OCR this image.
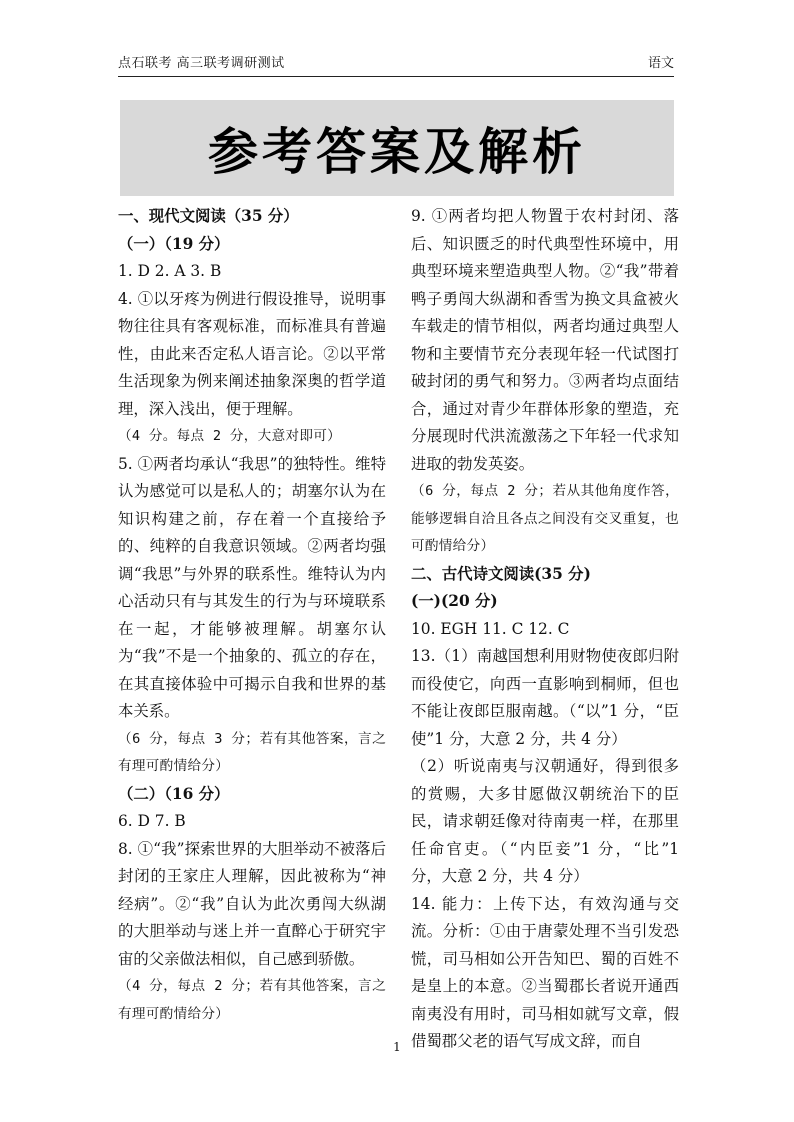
点石联考 高三联考调研测试	语文
参考答案及解析

一、现代文阅读（35 分）

（一）（19 分）

1. D 2. A 3. B

4. ①以牙疼为例进行假设推导，说明事物往往具有客观标准，而标准具有普遍性，由此来否定私人语言论。②以平常生活现象为例来阐述抽象深奥的哲学道理，深入浅出，便于理解。

（4 分。每点 2 分，大意对即可）

5. ①两者均承认“我思”的独特性。维特认为感觉可以是私人的；胡塞尔认为在知识构建之前，存在着一个直接给予的、纯粹的自我意识领域。②两者均强调“我思”与外界的联系性。维特认为内心活动只有与其发生的行为与环境联系在一起，才能够被理解。胡塞尔认为“我”不是一个抽象的、孤立的存在，在其直接体验中可揭示自我和世界的基本关系。

（6 分，每点 3 分；若有其他答案，言之有理可酌情给分）

（二）（16 分）

6. D 7. B

8. ①“我”探索世界的大胆举动不被落后封闭的王家庄人理解，因此被称为“神经病”。②“我”自认为此次勇闯大纵湖的大胆举动与迷上并一直醉心于研究宇宙的父亲做法相似，自己感到骄傲。

（4 分，每点 2 分；若有其他答案，言之有理可酌情给分）

9. ①两者均把人物置于农村封闭、落后、知识匮乏的时代典型性环境中，用典型环境来塑造典型人物。②“我”带着鸭子勇闯大纵湖和香雪为换文具盒被火车载走的情节相似，两者均通过典型人物和主要情节充分表现年轻一代试图打破封闭的勇气和努力。③两者均点面结合，通过对青少年群体形象的塑造，充分展现时代洪流激荡之下年轻一代求知进取的勃发英姿。

（6 分，每点 2 分；若从其他角度作答，能够逻辑自洽且各点之间没有交叉重复，也可酌情给分）

二、古代诗文阅读(35 分)

(一)(20 分)

10. EGH 11. C 12. C

13.（1）南越国想利用财物使夜郎归附而役使它，向西一直影响到桐师，但也不能让夜郎臣服南越。（“以”1 分，“臣使”1 分，大意 2 分，共 4 分）

（2）听说南夷与汉朝通好，得到很多的赏赐，大多甘愿做汉朝统治下的臣民，请求朝廷像对待南夷一样，在那里任命官吏。（“内臣妾”1 分，“比”1 分，大意 2 分，共 4 分）

14. 能力：上传下达，有效沟通与交流。分析：①由于唐蒙处理不当引发恐慌，司马相如公开告知巴、蜀的百姓不是皇上的本意。②当蜀郡长者说开通西南夷没有用时，司马相如就写文章，假借蜀郡父老的语气写成文辞，而自

1
